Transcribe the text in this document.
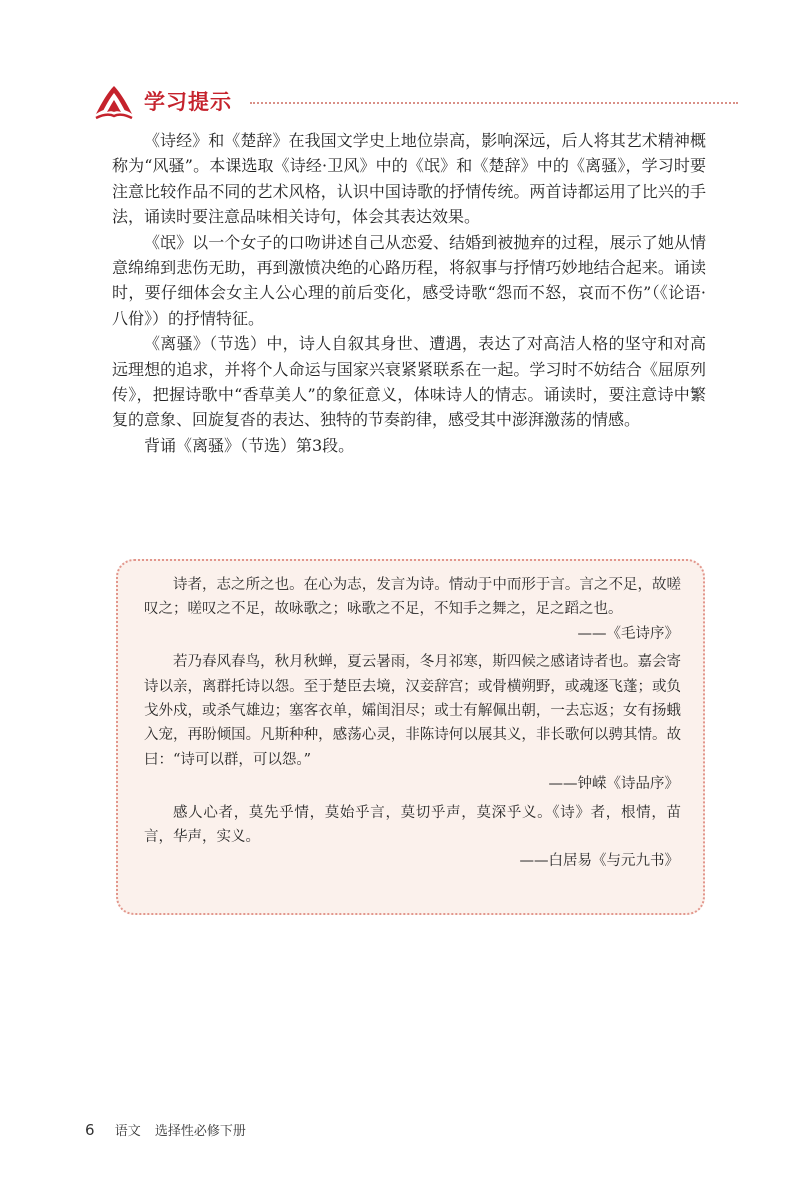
学习提示

《诗经》和《楚辞》在我国文学史上地位崇高，影响深远，后人将其艺术精神概称为“风骚”。本课选取《诗经·卫风》中的《氓》和《楚辞》中的《离骚》，学习时要注意比较作品不同的艺术风格，认识中国诗歌的抒情传统。两首诗都运用了比兴的手法，诵读时要注意品味相关诗句，体会其表达效果。

《氓》以一个女子的口吻讲述自己从恋爱、结婚到被抛弃的过程，展示了她从情意绵绵到悲伤无助，再到激愤决绝的心路历程，将叙事与抒情巧妙地结合起来。诵读时，要仔细体会女主人公心理的前后变化，感受诗歌“怨而不怒，哀而不伤”（《论语·八佾》）的抒情特征。

《离骚》（节选）中，诗人自叙其身世、遭遇，表达了对高洁人格的坚守和对高远理想的追求，并将个人命运与国家兴衰紧紧联系在一起。学习时不妨结合《屈原列传》，把握诗歌中“香草美人”的象征意义，体味诗人的情志。诵读时，要注意诗中繁复的意象、回旋复沓的表达、独特的节奏韵律，感受其中澎湃激荡的情感。

背诵《离骚》（节选）第3段。

诗者，志之所之也。在心为志，发言为诗。情动于中而形于言。言之不足，故嗟叹之；嗟叹之不足，故咏歌之；咏歌之不足，不知手之舞之，足之蹈之也。

——《毛诗序》

若乃春风春鸟，秋月秋蝉，夏云暑雨，冬月祁寒，斯四候之感诸诗者也。嘉会寄诗以亲，离群托诗以怨。至于楚臣去境，汉妾辞宫；或骨横朔野，或魂逐飞蓬；或负戈外戍，或杀气雄边；塞客衣单，孀闺泪尽；或士有解佩出朝，一去忘返；女有扬蛾入宠，再盼倾国。凡斯种种，感荡心灵，非陈诗何以展其义，非长歌何以骋其情。故曰：“诗可以群，可以怨。”

——钟嵘《诗品序》

感人心者，莫先乎情，莫始乎言，莫切乎声，莫深乎义。《诗》者，根情，苗言，华声，实义。

——白居易《与元九书》

6 语文 选择性必修下册
